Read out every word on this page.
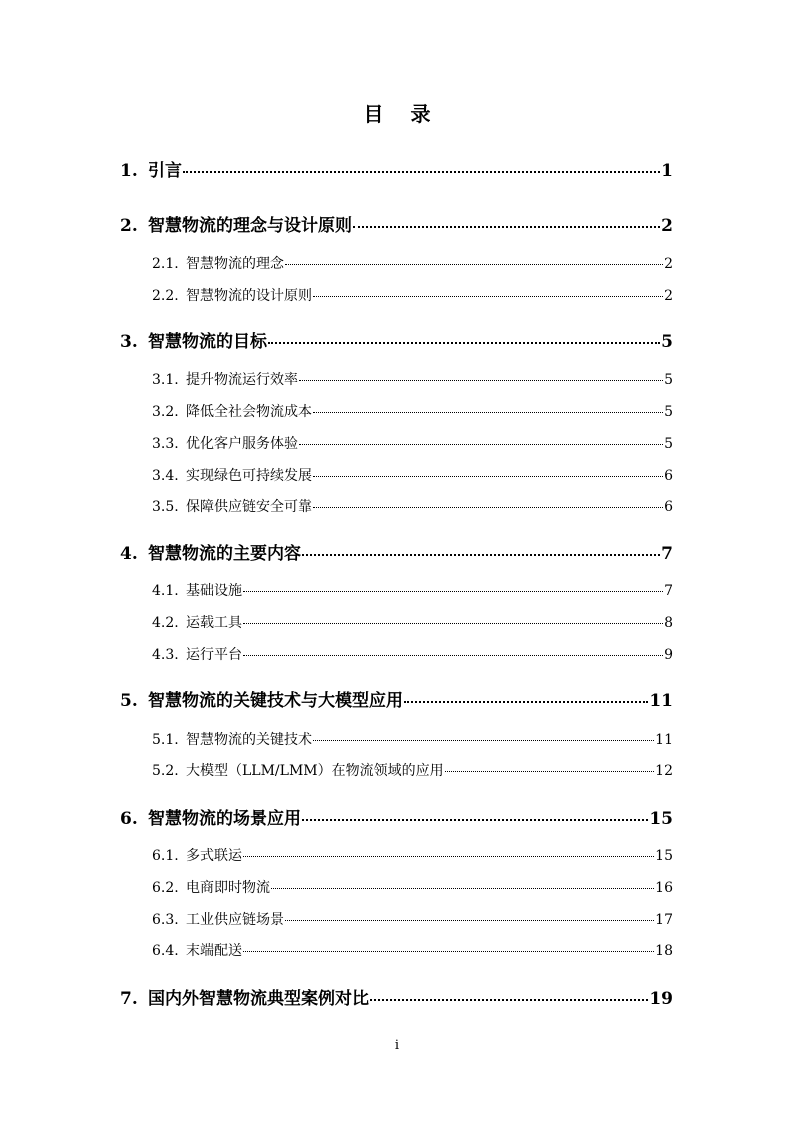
目 录
1. 引言	1
2. 智慧物流的理念与设计原则	2
2.1. 智慧物流的理念	2
2.2. 智慧物流的设计原则	2
3. 智慧物流的目标	5
3.1. 提升物流运行效率	5
3.2. 降低全社会物流成本	5
3.3. 优化客户服务体验	5
3.4. 实现绿色可持续发展	6
3.5. 保障供应链安全可靠	6
4. 智慧物流的主要内容	7
4.1. 基础设施	7
4.2. 运载工具	8
4.3. 运行平台	9
5. 智慧物流的关键技术与大模型应用	11
5.1. 智慧物流的关键技术	11
5.2. 大模型（LLM/LMM）在物流领域的应用	12
6. 智慧物流的场景应用	15
6.1. 多式联运	15
6.2. 电商即时物流	16
6.3. 工业供应链场景	17
6.4. 末端配送	18
7. 国内外智慧物流典型案例对比	19
i
